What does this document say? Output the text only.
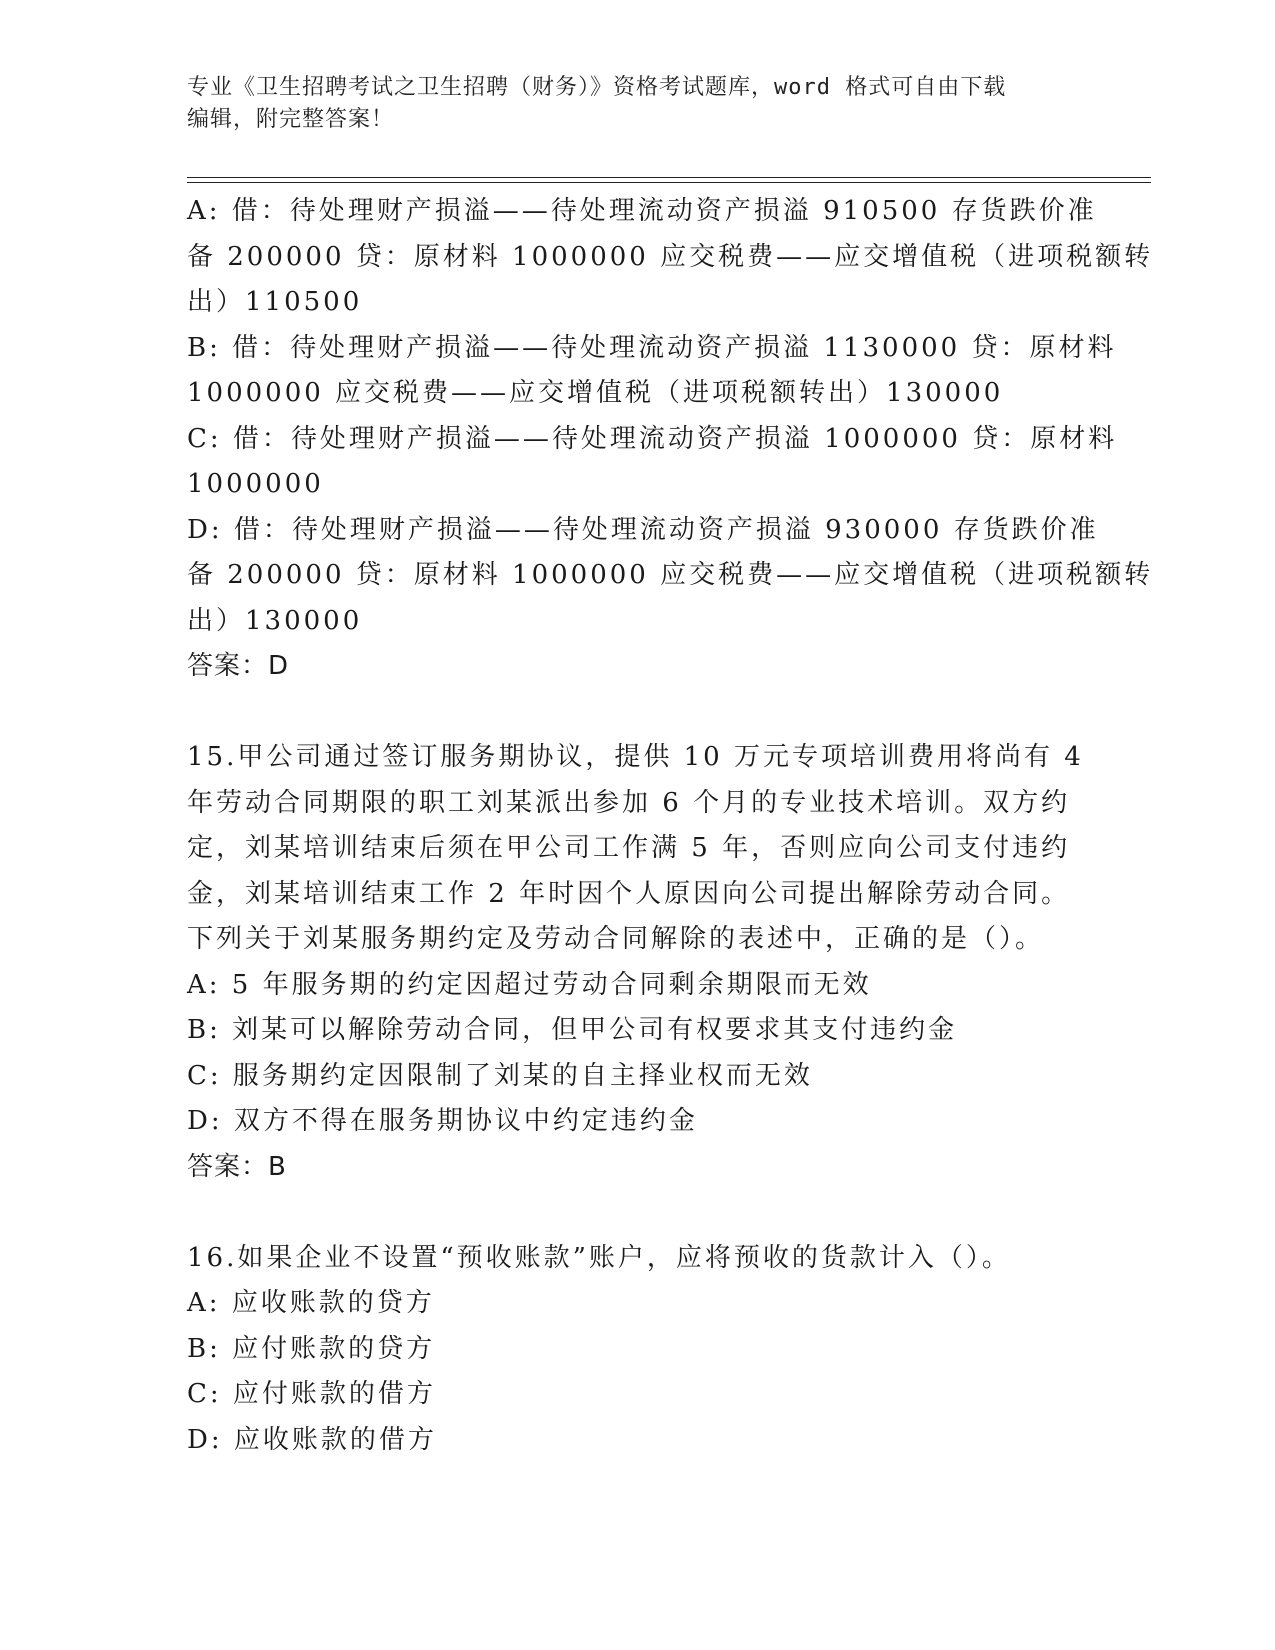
专业《卫生招聘考试之卫生招聘（财务）》资格考试题库，word 格式可自由下载
编辑，附完整答案！
A: 借：待处理财产损溢——待处理流动资产损溢 910500 存货跌价准
备 200000 贷：原材料 1000000 应交税费——应交增值税（进项税额转
出）110500
B: 借：待处理财产损溢——待处理流动资产损溢 1130000 贷：原材料
1000000 应交税费——应交增值税（进项税额转出）130000
C: 借：待处理财产损溢——待处理流动资产损溢 1000000 贷：原材料
1000000
D: 借：待处理财产损溢——待处理流动资产损溢 930000 存货跌价准
备 200000 贷：原材料 1000000 应交税费——应交增值税（进项税额转
出）130000
答案：D
15.甲公司通过签订服务期协议，提供 10 万元专项培训费用将尚有 4
年劳动合同期限的职工刘某派出参加 6 个月的专业技术培训。双方约
定，刘某培训结束后须在甲公司工作满 5 年，否则应向公司支付违约
金，刘某培训结束工作 2 年时因个人原因向公司提出解除劳动合同。
下列关于刘某服务期约定及劳动合同解除的表述中，正确的是（）。
A: 5 年服务期的约定因超过劳动合同剩余期限而无效
B: 刘某可以解除劳动合同，但甲公司有权要求其支付违约金
C: 服务期约定因限制了刘某的自主择业权而无效
D: 双方不得在服务期协议中约定违约金
答案：B
16.如果企业不设置“预收账款”账户，应将预收的货款计入（）。
A: 应收账款的贷方
B: 应付账款的贷方
C: 应付账款的借方
D: 应收账款的借方
